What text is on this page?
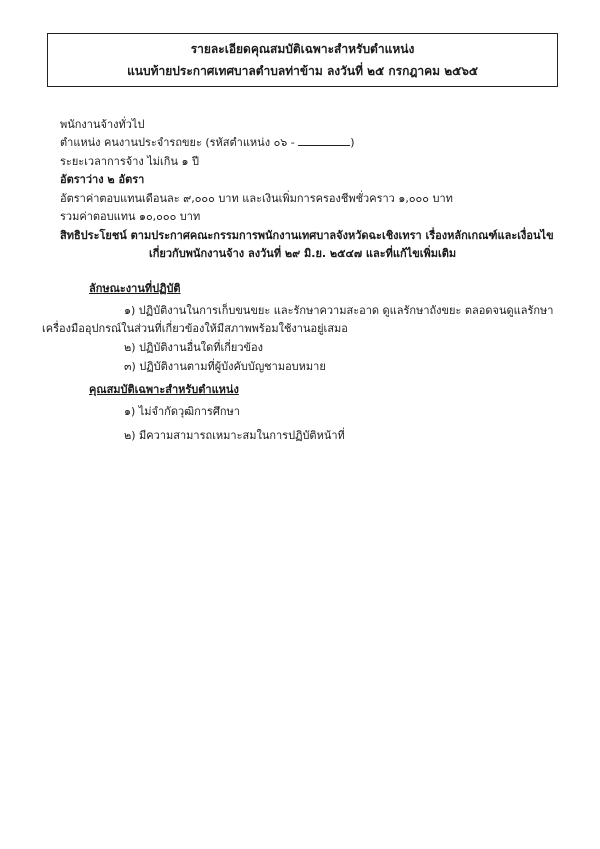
รายละเอียดคุณสมบัติเฉพาะสำหรับตำแหน่ง
แนบท้ายประกาศเทศบาลตำบลท่าข้าม ลงวันที่ ๒๕ กรกฎาคม ๒๕๖๕
พนักงานจ้างทั่วไป
ตำแหน่ง คนงานประจำรถขยะ (รหัสตำแหน่ง ๐๖ -	)
ระยะเวลาการจ้าง ไม่เกิน ๑ ปี
อัตราว่าง ๒ อัตรา
อัตราค่าตอบแทนเดือนละ ๙,๐๐๐ บาท และเงินเพิ่มการครองชีพชั่วคราว ๑,๐๐๐ บาท
รวมค่าตอบแทน ๑๐,๐๐๐ บาท
สิทธิประโยชน์ ตามประกาศคณะกรรมการพนักงานเทศบาลจังหวัดฉะเชิงเทรา เรื่องหลักเกณฑ์และเงื่อนไข
เกี่ยวกับพนักงานจ้าง ลงวันที่ ๒๙ มิ.ย. ๒๕๔๗ และที่แก้ไขเพิ่มเติม
ลักษณะงานที่ปฏิบัติ
๑) ปฏิบัติงานในการเก็บขนขยะ และรักษาความสะอาด ดูแลรักษาถังขยะ ตลอดจนดูแลรักษา
เครื่องมืออุปกรณ์ในส่วนที่เกี่ยวข้องให้มีสภาพพร้อมใช้งานอยู่เสมอ
๒) ปฏิบัติงานอื่นใดที่เกี่ยวข้อง
๓) ปฏิบัติงานตามที่ผู้บังคับบัญชามอบหมาย
คุณสมบัติเฉพาะสำหรับตำแหน่ง
๑) ไม่จำกัดวุฒิการศึกษา
๒) มีความสามารถเหมาะสมในการปฏิบัติหน้าที่
